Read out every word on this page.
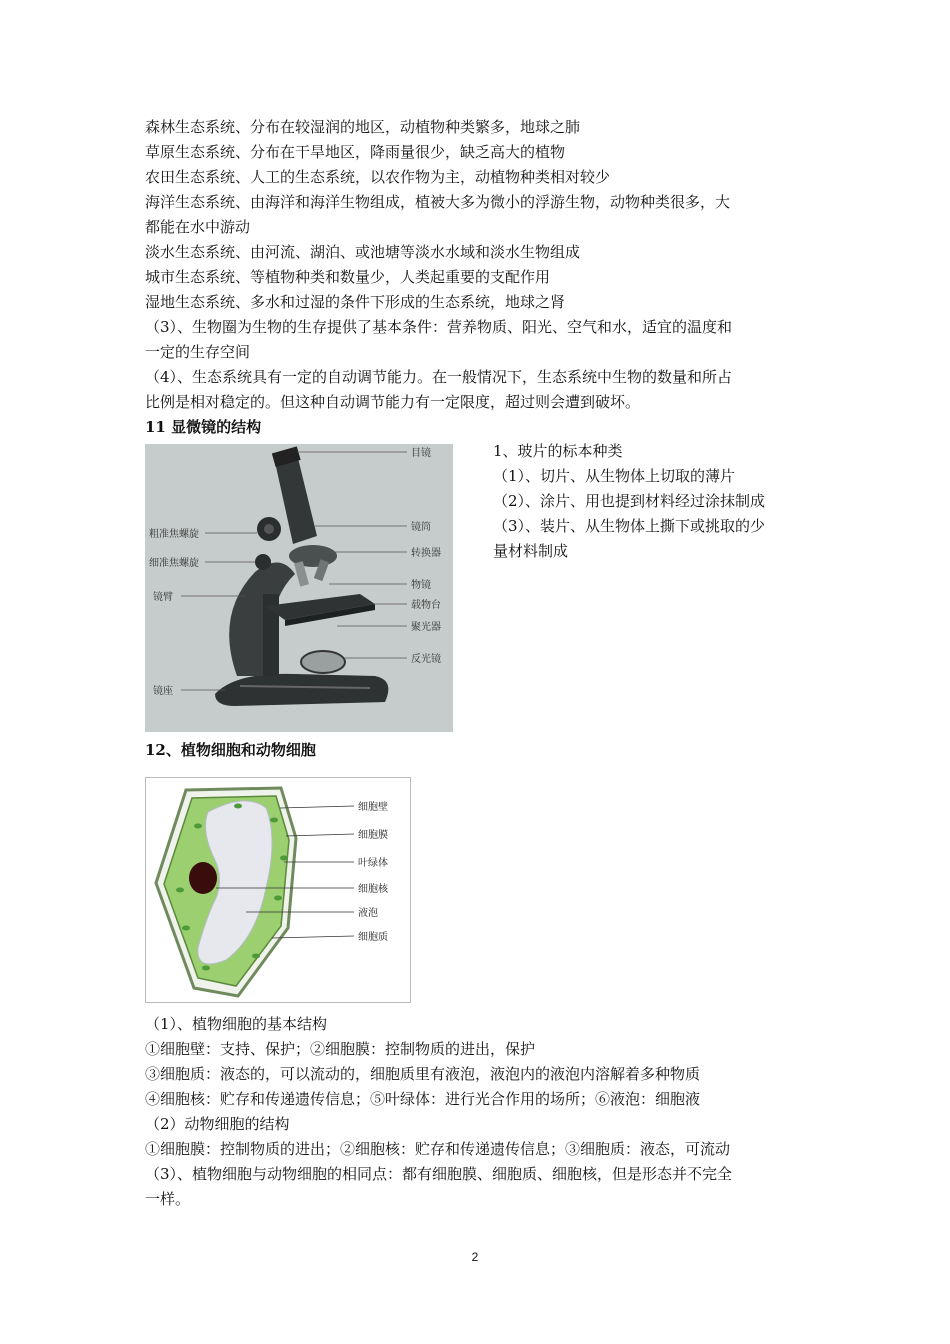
森林生态系统、分布在较湿润的地区，动植物种类繁多，地球之肺
草原生态系统、分布在干旱地区，降雨量很少，缺乏高大的植物
农田生态系统、人工的生态系统，以农作物为主，动植物种类相对较少
海洋生态系统、由海洋和海洋生物组成，植被大多为微小的浮游生物，动物种类很多，大
都能在水中游动
淡水生态系统、由河流、湖泊、或池塘等淡水水域和淡水生物组成
城市生态系统、等植物种类和数量少，人类起重要的支配作用
湿地生态系统、多水和过湿的条件下形成的生态系统，地球之肾
（3）、生物圈为生物的生存提供了基本条件：营养物质、阳光、空气和水，适宜的温度和
一定的生存空间
（4）、生态系统具有一定的自动调节能力。在一般情况下，生态系统中生物的数量和所占
比例是相对稳定的。但这种自动调节能力有一定限度，超过则会遭到破坏。
11 显微镜的结构
目镜
镜筒
转换器
物镜
载物台
聚光器
反光镜
粗准焦螺旋
细准焦螺旋
镜臂
镜座
1、玻片的标本种类
（1）、切片、从生物体上切取的薄片
（2）、涂片、用也提到材料经过涂抹制成
（3）、装片、从生物体上撕下或挑取的少
量材料制成
12、植物细胞和动物细胞
细胞壁
细胞膜
叶绿体
细胞核
液泡
细胞质
（1）、植物细胞的基本结构
①细胞壁：支持、保护；②细胞膜：控制物质的进出，保护
③细胞质：液态的，可以流动的，细胞质里有液泡，液泡内的液泡内溶解着多种物质
④细胞核：贮存和传递遗传信息；⑤叶绿体：进行光合作用的场所；⑥液泡：细胞液
（2）动物细胞的结构
①细胞膜：控制物质的进出；②细胞核：贮存和传递遗传信息；③细胞质：液态，可流动
（3）、植物细胞与动物细胞的相同点：都有细胞膜、细胞质、细胞核，但是形态并不完全
一样。
2
